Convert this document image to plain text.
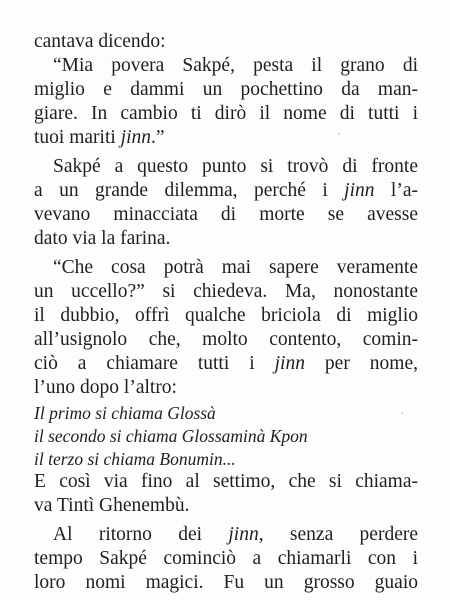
cantava dicendo:
“Mia povera Sakpé, pesta il grano di
miglio e dammi un pochettino da man-
giare. In cambio ti dirò il nome di tutti i
tuoi mariti jinn.”
Sakpé a questo punto si trovò di fronte
a un grande dilemma, perché i jinn l’a-
vevano minacciata di morte se avesse
dato via la farina.
“Che cosa potrà mai sapere veramente
un uccello?” si chiedeva. Ma, nonostante
il dubbio, offrì qualche briciola di miglio
all’usignolo che, molto contento, comin-
ciò a chiamare tutti i jinn per nome,
l’uno dopo l’altro:
Il primo si chiama Glossà
il secondo si chiama Glossaminà Kpon
il terzo si chiama Bonumin...
E così via fino al settimo, che si chiama-
va Tintì Ghenembù.
Al ritorno dei jinn, senza perdere
tempo Sakpé cominciò a chiamarli con i
loro nomi magici. Fu un grosso guaio
